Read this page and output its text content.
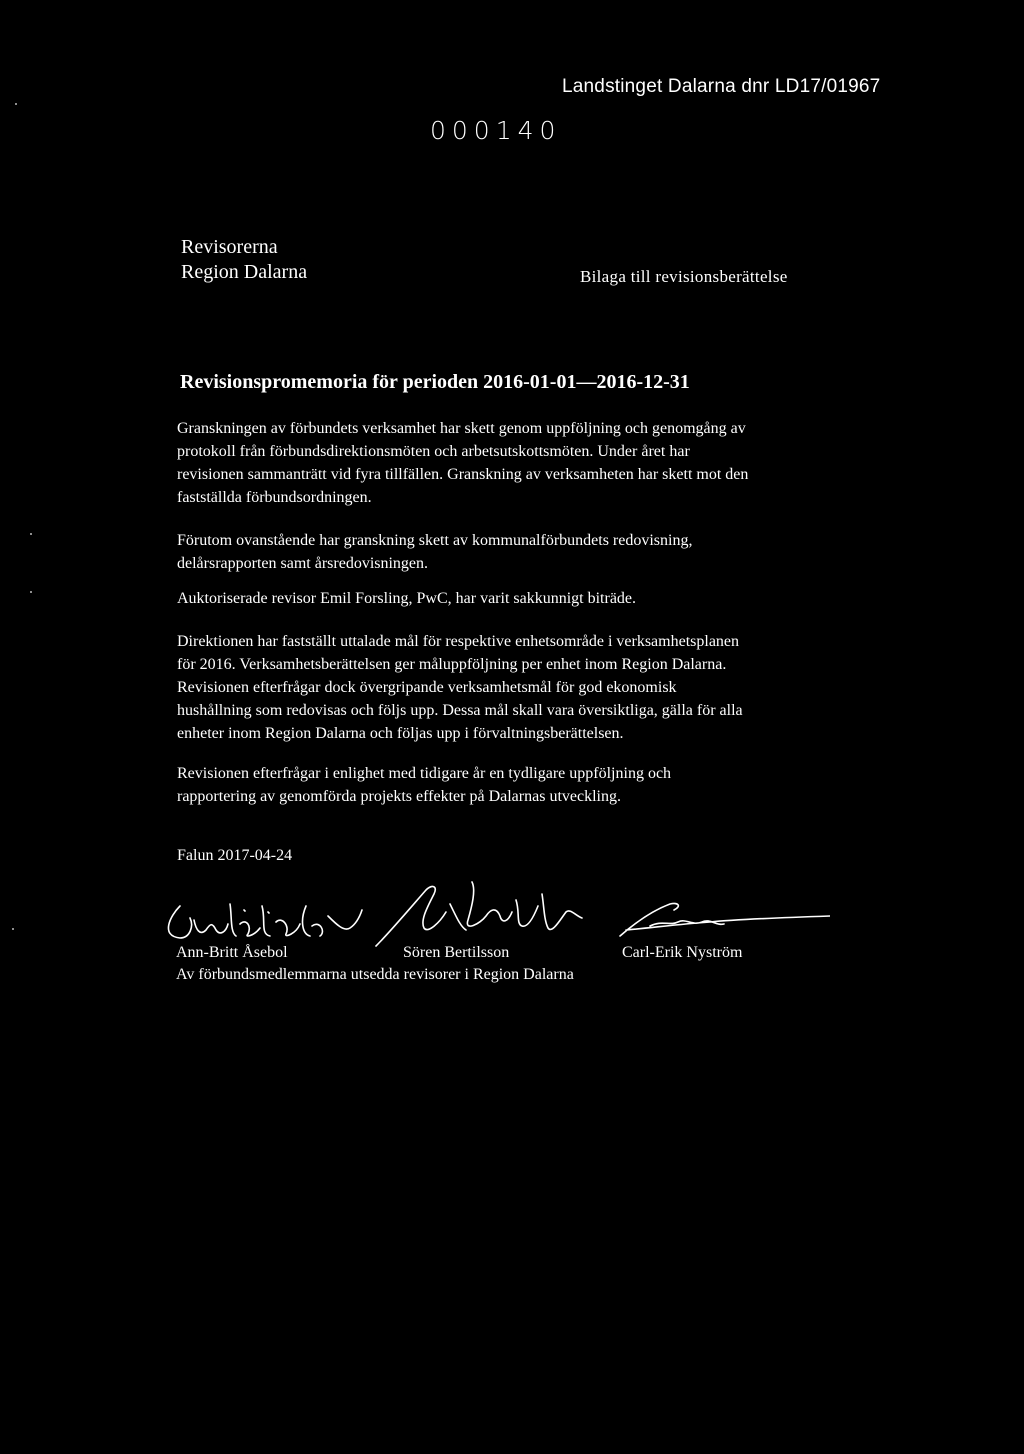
Landstinget Dalarna dnr LD17/01967
000140
Revisorerna
Region Dalarna	Bilaga till revisionsberättelse
Revisionspromemoria för perioden 2016-01-01—2016-12-31

Granskningen av förbundets verksamhet har skett genom uppföljning och genomgång av
protokoll från förbundsdirektionsmöten och arbetsutskottsmöten. Under året har
revisionen sammanträtt vid fyra tillfällen. Granskning av verksamheten har skett mot den
fastställda förbundsordningen.

Förutom ovanstående har granskning skett av kommunalförbundets redovisning,
delårsrapporten samt årsredovisningen.

Auktoriserade revisor Emil Forsling, PwC, har varit sakkunnigt biträde.

Direktionen har fastställt uttalade mål för respektive enhetsområde i verksamhetsplanen
för 2016. Verksamhetsberättelsen ger måluppföljning per enhet inom Region Dalarna.
Revisionen efterfrågar dock övergripande verksamhetsmål för god ekonomisk
hushållning som redovisas och följs upp. Dessa mål skall vara översiktliga, gälla för alla
enheter inom Region Dalarna och följas upp i förvaltningsberättelsen.

Revisionen efterfrågar i enlighet med tidigare år en tydligare uppföljning och
rapportering av genomförda projekts effekter på Dalarnas utveckling.

Falun 2017-04-24
Ann-Britt Åsebol	Sören Bertilsson	Carl-Erik Nyström
Av förbundsmedlemmarna utsedda revisorer i Region Dalarna
